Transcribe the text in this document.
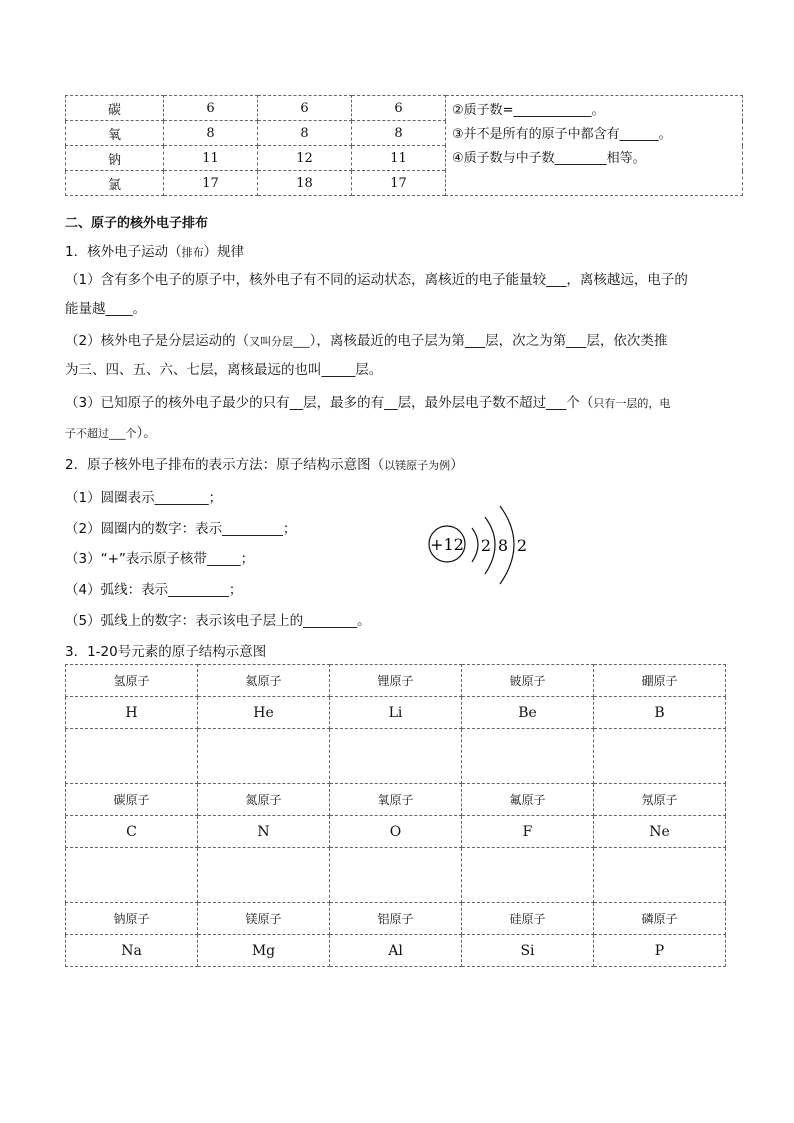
碳	6	6	6	②质子数=____________。
③并不是所有的原子中都含有______。
④质子数与中子数________相等。

氧	8	8	8	
钠	11	12	11	
氯	17	18	17	
二、原子的核外电子排布
1．核外电子运动（排布）规律
（1）含有多个电子的原子中，核外电子有不同的运动状态，离核近的电子能量较___，离核越远，电子的
能量越____。
（2）核外电子是分层运动的（又叫分层___），离核最近的电子层为第___层，次之为第___层，依次类推
为三、四、五、六、七层，离核最远的也叫_____层。
（3）已知原子的核外电子最少的只有__层，最多的有__层，最外层电子数不超过___个（只有一层的，电
子不超过___个）。
2．原子核外电子排布的表示方法：原子结构示意图（以镁原子为例）
（1）圆圈表示________；
（2）圆圈内的数字：表示_________；
（3）“+”表示原子核带_____；
（4）弧线：表示_________；
（5）弧线上的数字：表示该电子层上的________。
+12 2 8 2
3．1-20号元素的原子结构示意图
氢原子	氦原子	锂原子	铍原子	硼原子
H	He	Li	Be	B

碳原子	氮原子	氧原子	氟原子	氖原子
C	N	O	F	Ne

钠原子	镁原子	铝原子	硅原子	磷原子
Na	Mg	Al	Si	P
